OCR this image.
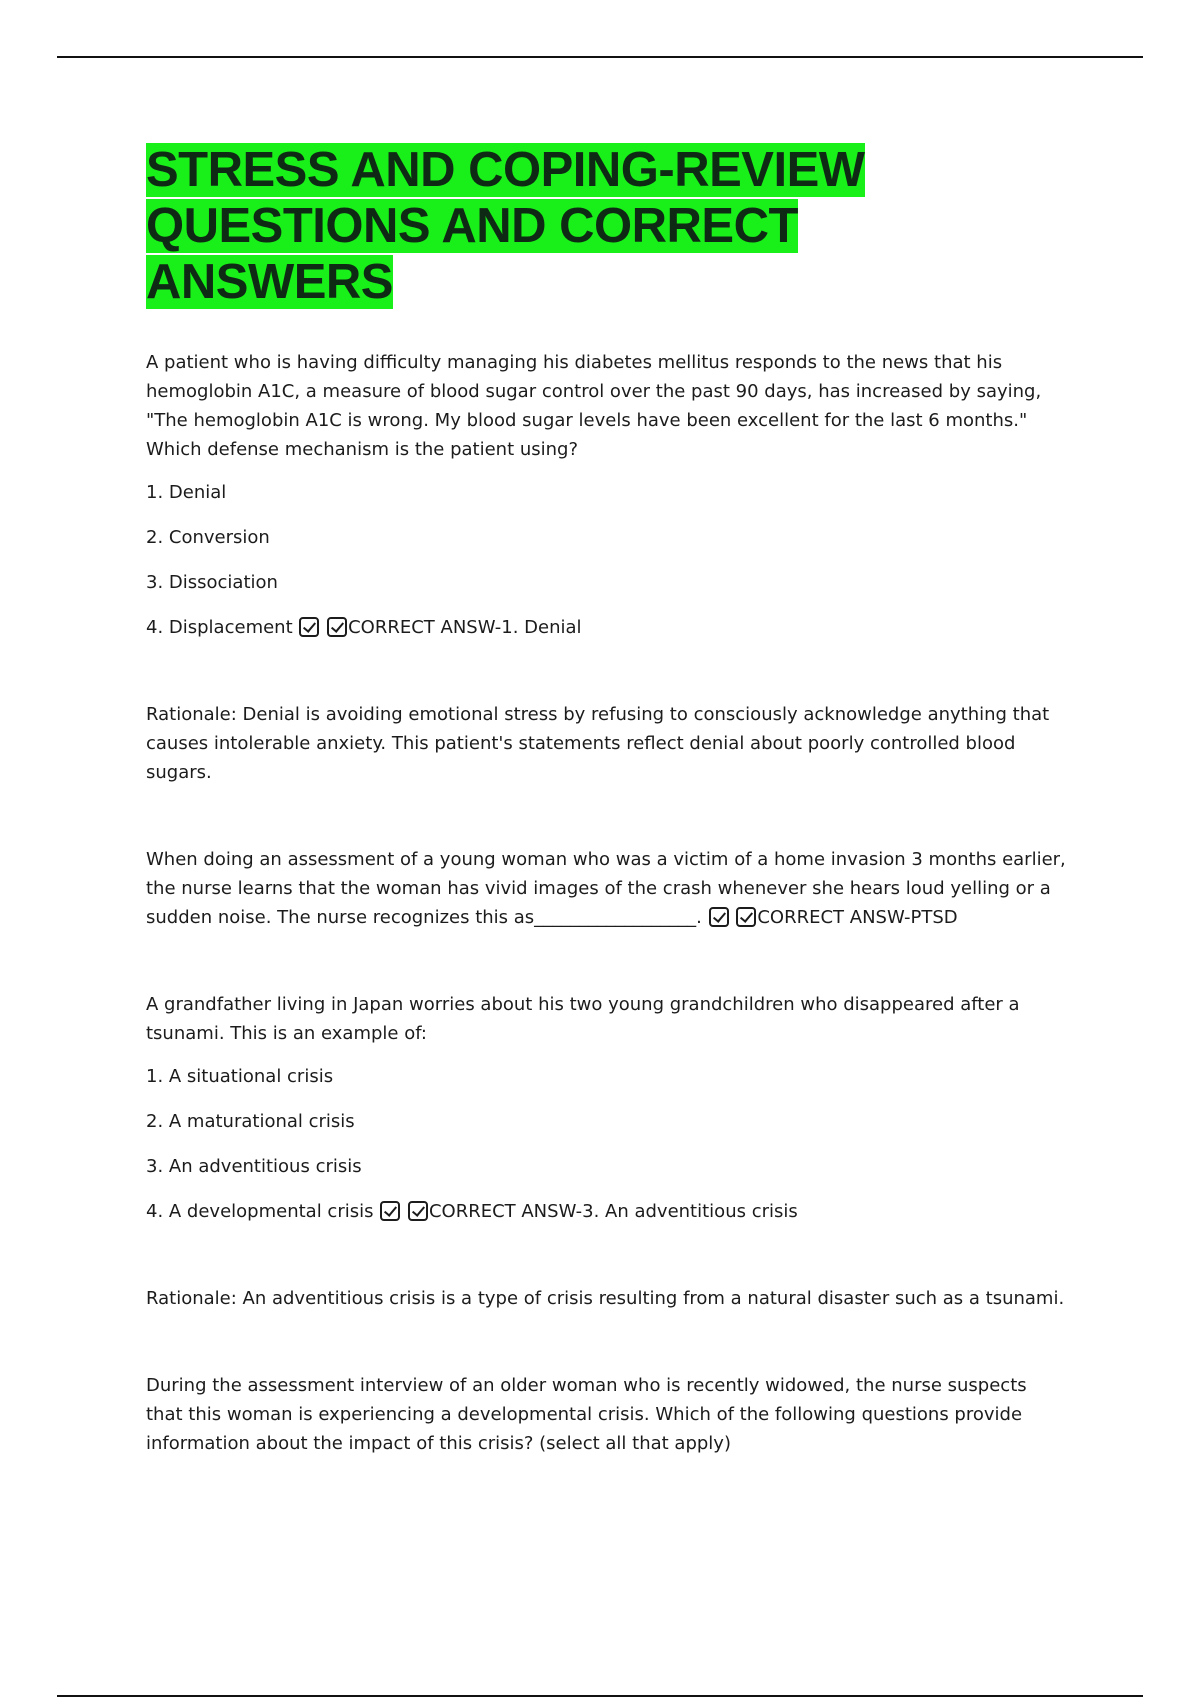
STRESS AND COPING-REVIEW
QUESTIONS AND CORRECT
ANSWERS

A patient who is having difficulty managing his diabetes mellitus responds to the news that his hemoglobin A1C, a measure of blood sugar control over the past 90 days, has increased by saying, "The hemoglobin A1C is wrong. My blood sugar levels have been excellent for the last 6 months." Which defense mechanism is the patient using?

1. Denial

2. Conversion

3. Dissociation

4. Displacement	CORRECT ANSW-1. Denial

Rationale: Denial is avoiding emotional stress by refusing to consciously acknowledge anything that causes intolerable anxiety. This patient's statements reflect denial about poorly controlled blood sugars.

When doing an assessment of a young woman who was a victim of a home invasion 3 months earlier, the nurse learns that the woman has vivid images of the crash whenever she hears loud yelling or a sudden noise. The nurse recognizes this as__________________.	CORRECT ANSW-PTSD

A grandfather living in Japan worries about his two young grandchildren who disappeared after a tsunami. This is an example of:

1. A situational crisis

2. A maturational crisis

3. An adventitious crisis

4. A developmental crisis	CORRECT ANSW-3. An adventitious crisis

Rationale: An adventitious crisis is a type of crisis resulting from a natural disaster such as a tsunami.

During the assessment interview of an older woman who is recently widowed, the nurse suspects that this woman is experiencing a developmental crisis. Which of the following questions provide information about the impact of this crisis? (select all that apply)
